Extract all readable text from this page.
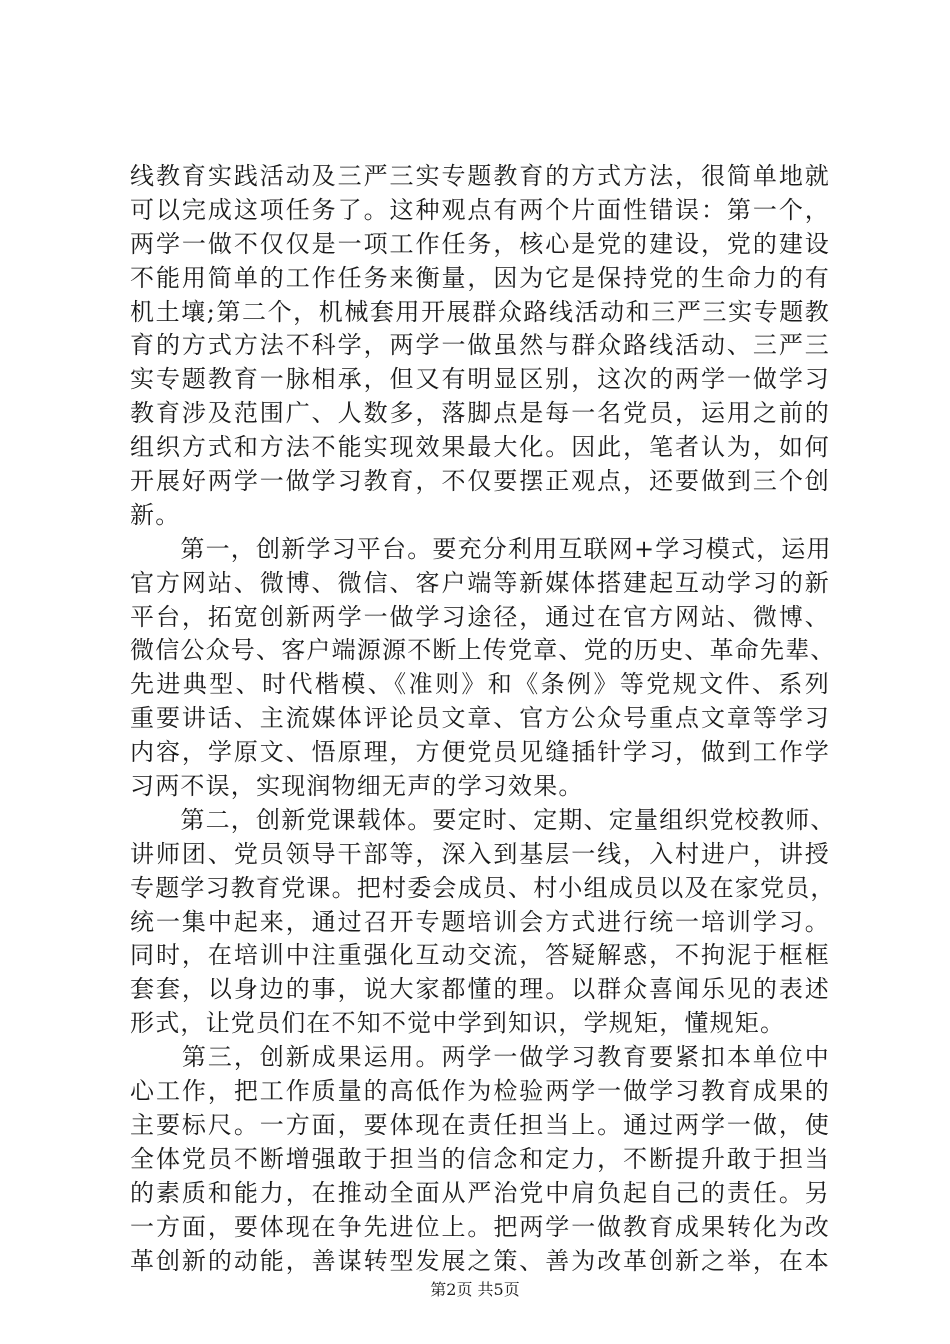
线教育实践活动及三严三实专题教育的方式方法，很简单地就
可以完成这项任务了。这种观点有两个片面性错误：第一个，
两学一做不仅仅是一项工作任务，核心是党的建设，党的建设
不能用简单的工作任务来衡量，因为它是保持党的生命力的有
机土壤;第二个，机械套用开展群众路线活动和三严三实专题教
育的方式方法不科学，两学一做虽然与群众路线活动、三严三
实专题教育一脉相承，但又有明显区别，这次的两学一做学习
教育涉及范围广、人数多，落脚点是每一名党员，运用之前的
组织方式和方法不能实现效果最大化。因此，笔者认为，如何
开展好两学一做学习教育，不仅要摆正观点，还要做到三个创
新。
　　第一，创新学习平台。要充分利用互联网+学习模式，运用
官方网站、微博、微信、客户端等新媒体搭建起互动学习的新
平台，拓宽创新两学一做学习途径，通过在官方网站、微博、
微信公众号、客户端源源不断上传党章、党的历史、革命先辈、
先进典型、时代楷模、《准则》和《条例》等党规文件、系列
重要讲话、主流媒体评论员文章、官方公众号重点文章等学习
内容，学原文、悟原理，方便党员见缝插针学习，做到工作学
习两不误，实现润物细无声的学习效果。
　　第二，创新党课载体。要定时、定期、定量组织党校教师、
讲师团、党员领导干部等，深入到基层一线，入村进户，讲授
专题学习教育党课。把村委会成员、村小组成员以及在家党员，
统一集中起来，通过召开专题培训会方式进行统一培训学习。
同时，在培训中注重强化互动交流，答疑解惑，不拘泥于框框
套套，以身边的事，说大家都懂的理。以群众喜闻乐见的表述
形式，让党员们在不知不觉中学到知识，学规矩，懂规矩。
　　第三，创新成果运用。两学一做学习教育要紧扣本单位中
心工作，把工作质量的高低作为检验两学一做学习教育成果的
主要标尺。一方面，要体现在责任担当上。通过两学一做，使
全体党员不断增强敢于担当的信念和定力，不断提升敢于担当
的素质和能力，在推动全面从严治党中肩负起自己的责任。另
一方面，要体现在争先进位上。把两学一做教育成果转化为改
革创新的动能，善谋转型发展之策、善为改革创新之举，在本
第2页 共5页
